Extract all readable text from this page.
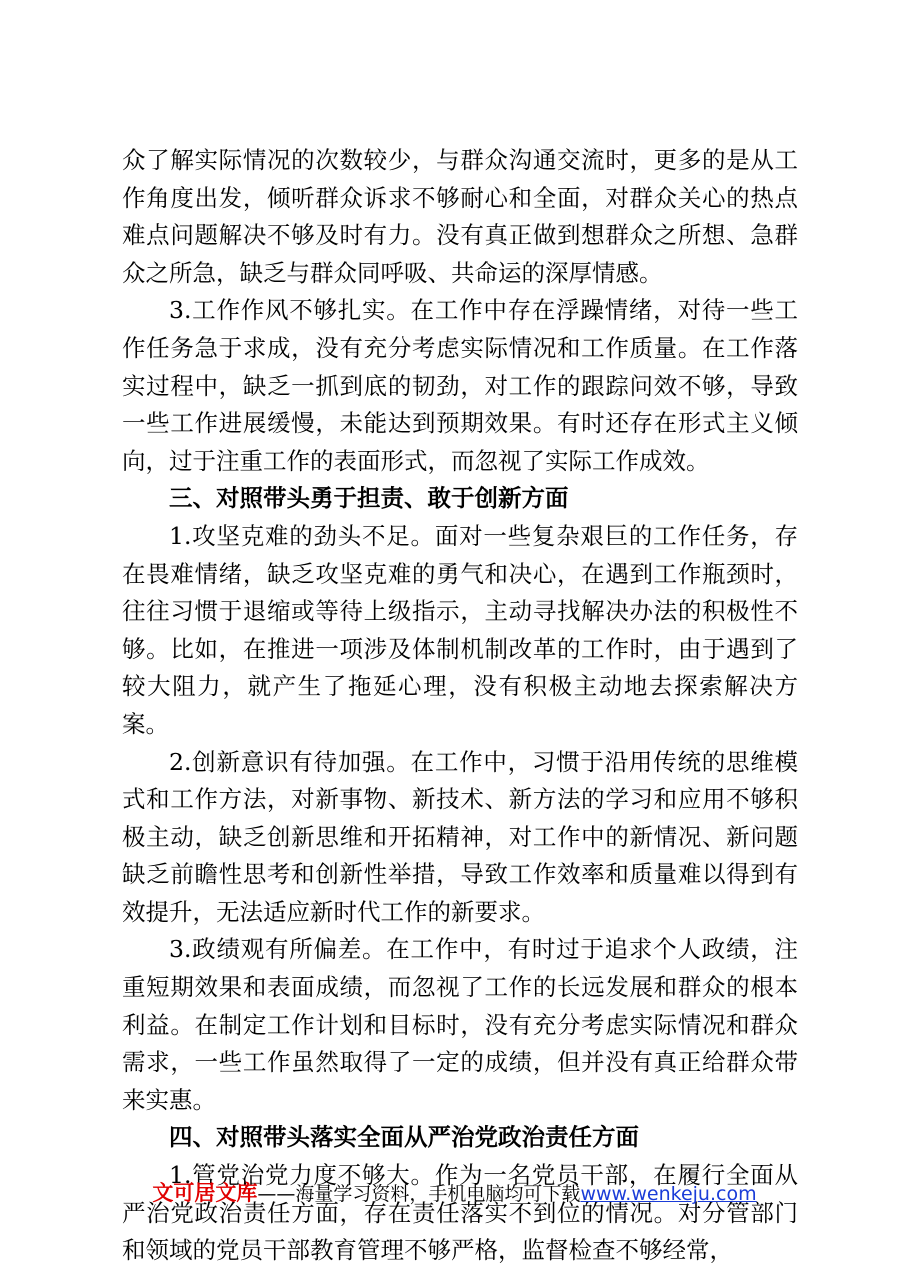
众了解实际情况的次数较少，与群众沟通交流时，更多的是从工作角度出发，倾听群众诉求不够耐心和全面，对群众关心的热点难点问题解决不够及时有力。没有真正做到想群众之所想、急群众之所急，缺乏与群众同呼吸、共命运的深厚情感。

3.工作作风不够扎实。在工作中存在浮躁情绪，对待一些工作任务急于求成，没有充分考虑实际情况和工作质量。在工作落实过程中，缺乏一抓到底的韧劲，对工作的跟踪问效不够，导致一些工作进展缓慢，未能达到预期效果。有时还存在形式主义倾向，过于注重工作的表面形式，而忽视了实际工作成效。

三、对照带头勇于担责、敢于创新方面

1.攻坚克难的劲头不足。面对一些复杂艰巨的工作任务，存在畏难情绪，缺乏攻坚克难的勇气和决心，在遇到工作瓶颈时，往往习惯于退缩或等待上级指示，主动寻找解决办法的积极性不够。比如，在推进一项涉及体制机制改革的工作时，由于遇到了较大阻力，就产生了拖延心理，没有积极主动地去探索解决方案。

2.创新意识有待加强。在工作中，习惯于沿用传统的思维模式和工作方法，对新事物、新技术、新方法的学习和应用不够积极主动，缺乏创新思维和开拓精神，对工作中的新情况、新问题缺乏前瞻性思考和创新性举措，导致工作效率和质量难以得到有效提升，无法适应新时代工作的新要求。

3.政绩观有所偏差。在工作中，有时过于追求个人政绩，注重短期效果和表面成绩，而忽视了工作的长远发展和群众的根本利益。在制定工作计划和目标时，没有充分考虑实际情况和群众需求，一些工作虽然取得了一定的成绩，但并没有真正给群众带来实惠。

四、对照带头落实全面从严治党政治责任方面

1.管党治党力度不够大。作为一名党员干部，在履行全面从严治党政治责任方面，存在责任落实不到位的情况。对分管部门和领域的党员干部教育管理不够严格，监督检查不够经常，

文可居文库——海量学习资料，手机电脑均可下载www.wenkeju.com
